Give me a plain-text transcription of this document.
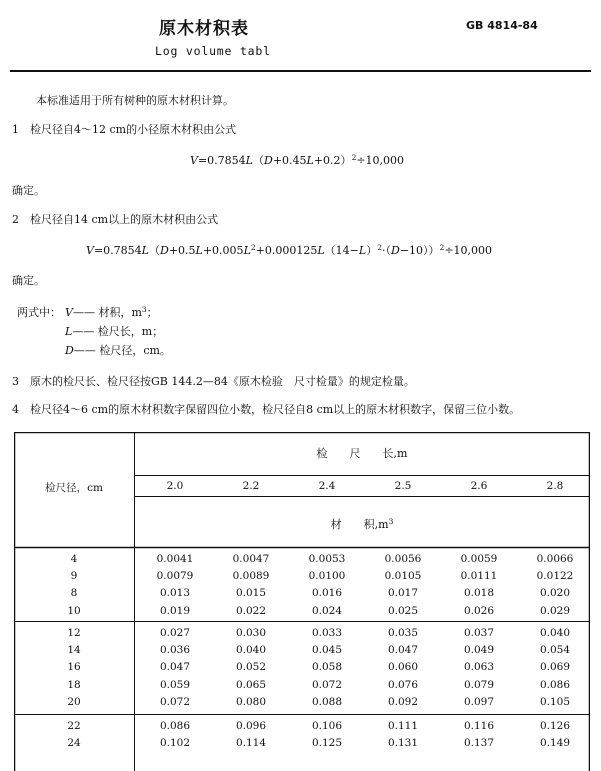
原木材积表
Log volume tabl
GB 4814-84
本标准适用于所有树种的原木材积计算。
1　检尺径自4～12 cm的小径原木材积由公式
$V=0.7854L(D+0.45L+0.2)^2\div 10,000$
确定。
2　检尺径自14 cm以上的原木材积由公式
$V=0.7854L(D+0.5L+0.005L^2+0.000125L(14-L)^2\cdot(D-10))^2\div 10,000$
确定。
两式中： V—— 材积，$m^3$；
L—— 检尺长，m；
D—— 检尺径，cm。
3　原木的检尺长、检尺径按GB 144.2—84《原木检验　尺寸检量》的规定检量。
4　检尺径4～6 cm的原木材积数字保留四位小数，检尺径自8 cm以上的原木材积数字，保留三位小数。
检尺径，cm
检　　尺　　长,m
材　　积$,m^3$
2.0	2.2	2.4	2.5	2.6	2.8
4	0.0041	0.0047	0.0053	0.0056	0.0059	0.0066
9	0.0079	0.0089	0.0100	0.0105	0.0111	0.0122
8	0.013	0.015	0.016	0.017	0.018	0.020
10	0.019	0.022	0.024	0.025	0.026	0.029
12	0.027	0.030	0.033	0.035	0.037	0.040
14	0.036	0.040	0.045	0.047	0.049	0.054
16	0.047	0.052	0.058	0.060	0.063	0.069
18	0.059	0.065	0.072	0.076	0.079	0.086
20	0.072	0.080	0.088	0.092	0.097	0.105
22	0.086	0.096	0.106	0.111	0.116	0.126
24	0.102	0.114	0.125	0.131	0.137	0.149
